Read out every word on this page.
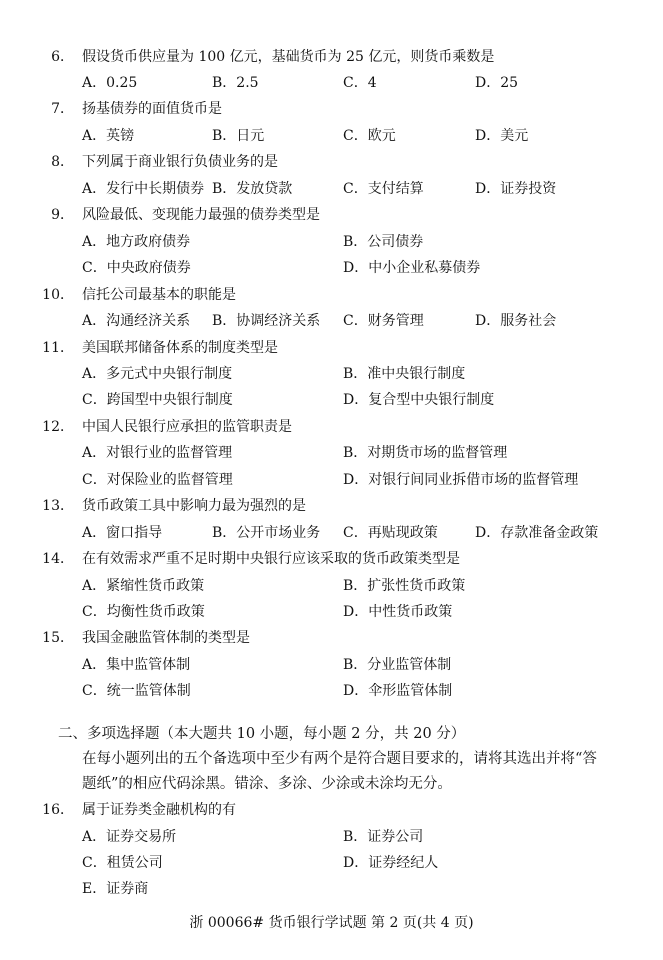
6． 假设货币供应量为 100 亿元，基础货币为 25 亿元，则货币乘数是
A．0.25	B．2.5	C．4	D．25
7． 扬基债券的面值货币是
A．英镑	B．日元	C．欧元	D．美元
8． 下列属于商业银行负债业务的是
A．发行中长期债券 B．发放贷款	C．支付结算	D．证券投资
9． 风险最低、变现能力最强的债券类型是
A．地方政府债券	B．公司债券
C．中央政府债券	D．中小企业私募债券
10． 信托公司最基本的职能是
A．沟通经济关系 B．协调经济关系 C．财务管理	D．服务社会
11． 美国联邦储备体系的制度类型是
A．多元式中央银行制度	B．准中央银行制度
C．跨国型中央银行制度	D．复合型中央银行制度
12． 中国人民银行应承担的监管职责是
A．对银行业的监督管理	B．对期货市场的监督管理
C．对保险业的监督管理	D．对银行间同业拆借市场的监督管理
13． 货币政策工具中影响力最为强烈的是
A．窗口指导	B．公开市场业务 C．再贴现政策	D．存款准备金政策
14． 在有效需求严重不足时期中央银行应该采取的货币政策类型是
A．紧缩性货币政策	B．扩张性货币政策
C．均衡性货币政策	D．中性货币政策
15． 我国金融监管体制的类型是
A．集中监管体制	B．分业监管体制
C．统一监管体制	D．伞形监管体制
二、多项选择题（本大题共 10 小题，每小题 2 分，共 20 分）
在每小题列出的五个备选项中至少有两个是符合题目要求的，请将其选出并将“答
题纸”的相应代码涂黑。错涂、多涂、少涂或未涂均无分。
16． 属于证券类金融机构的有
A．证券交易所	B．证券公司
C．租赁公司	D．证券经纪人
E．证券商
浙 00066# 货币银行学试题 第 2 页(共 4 页)
